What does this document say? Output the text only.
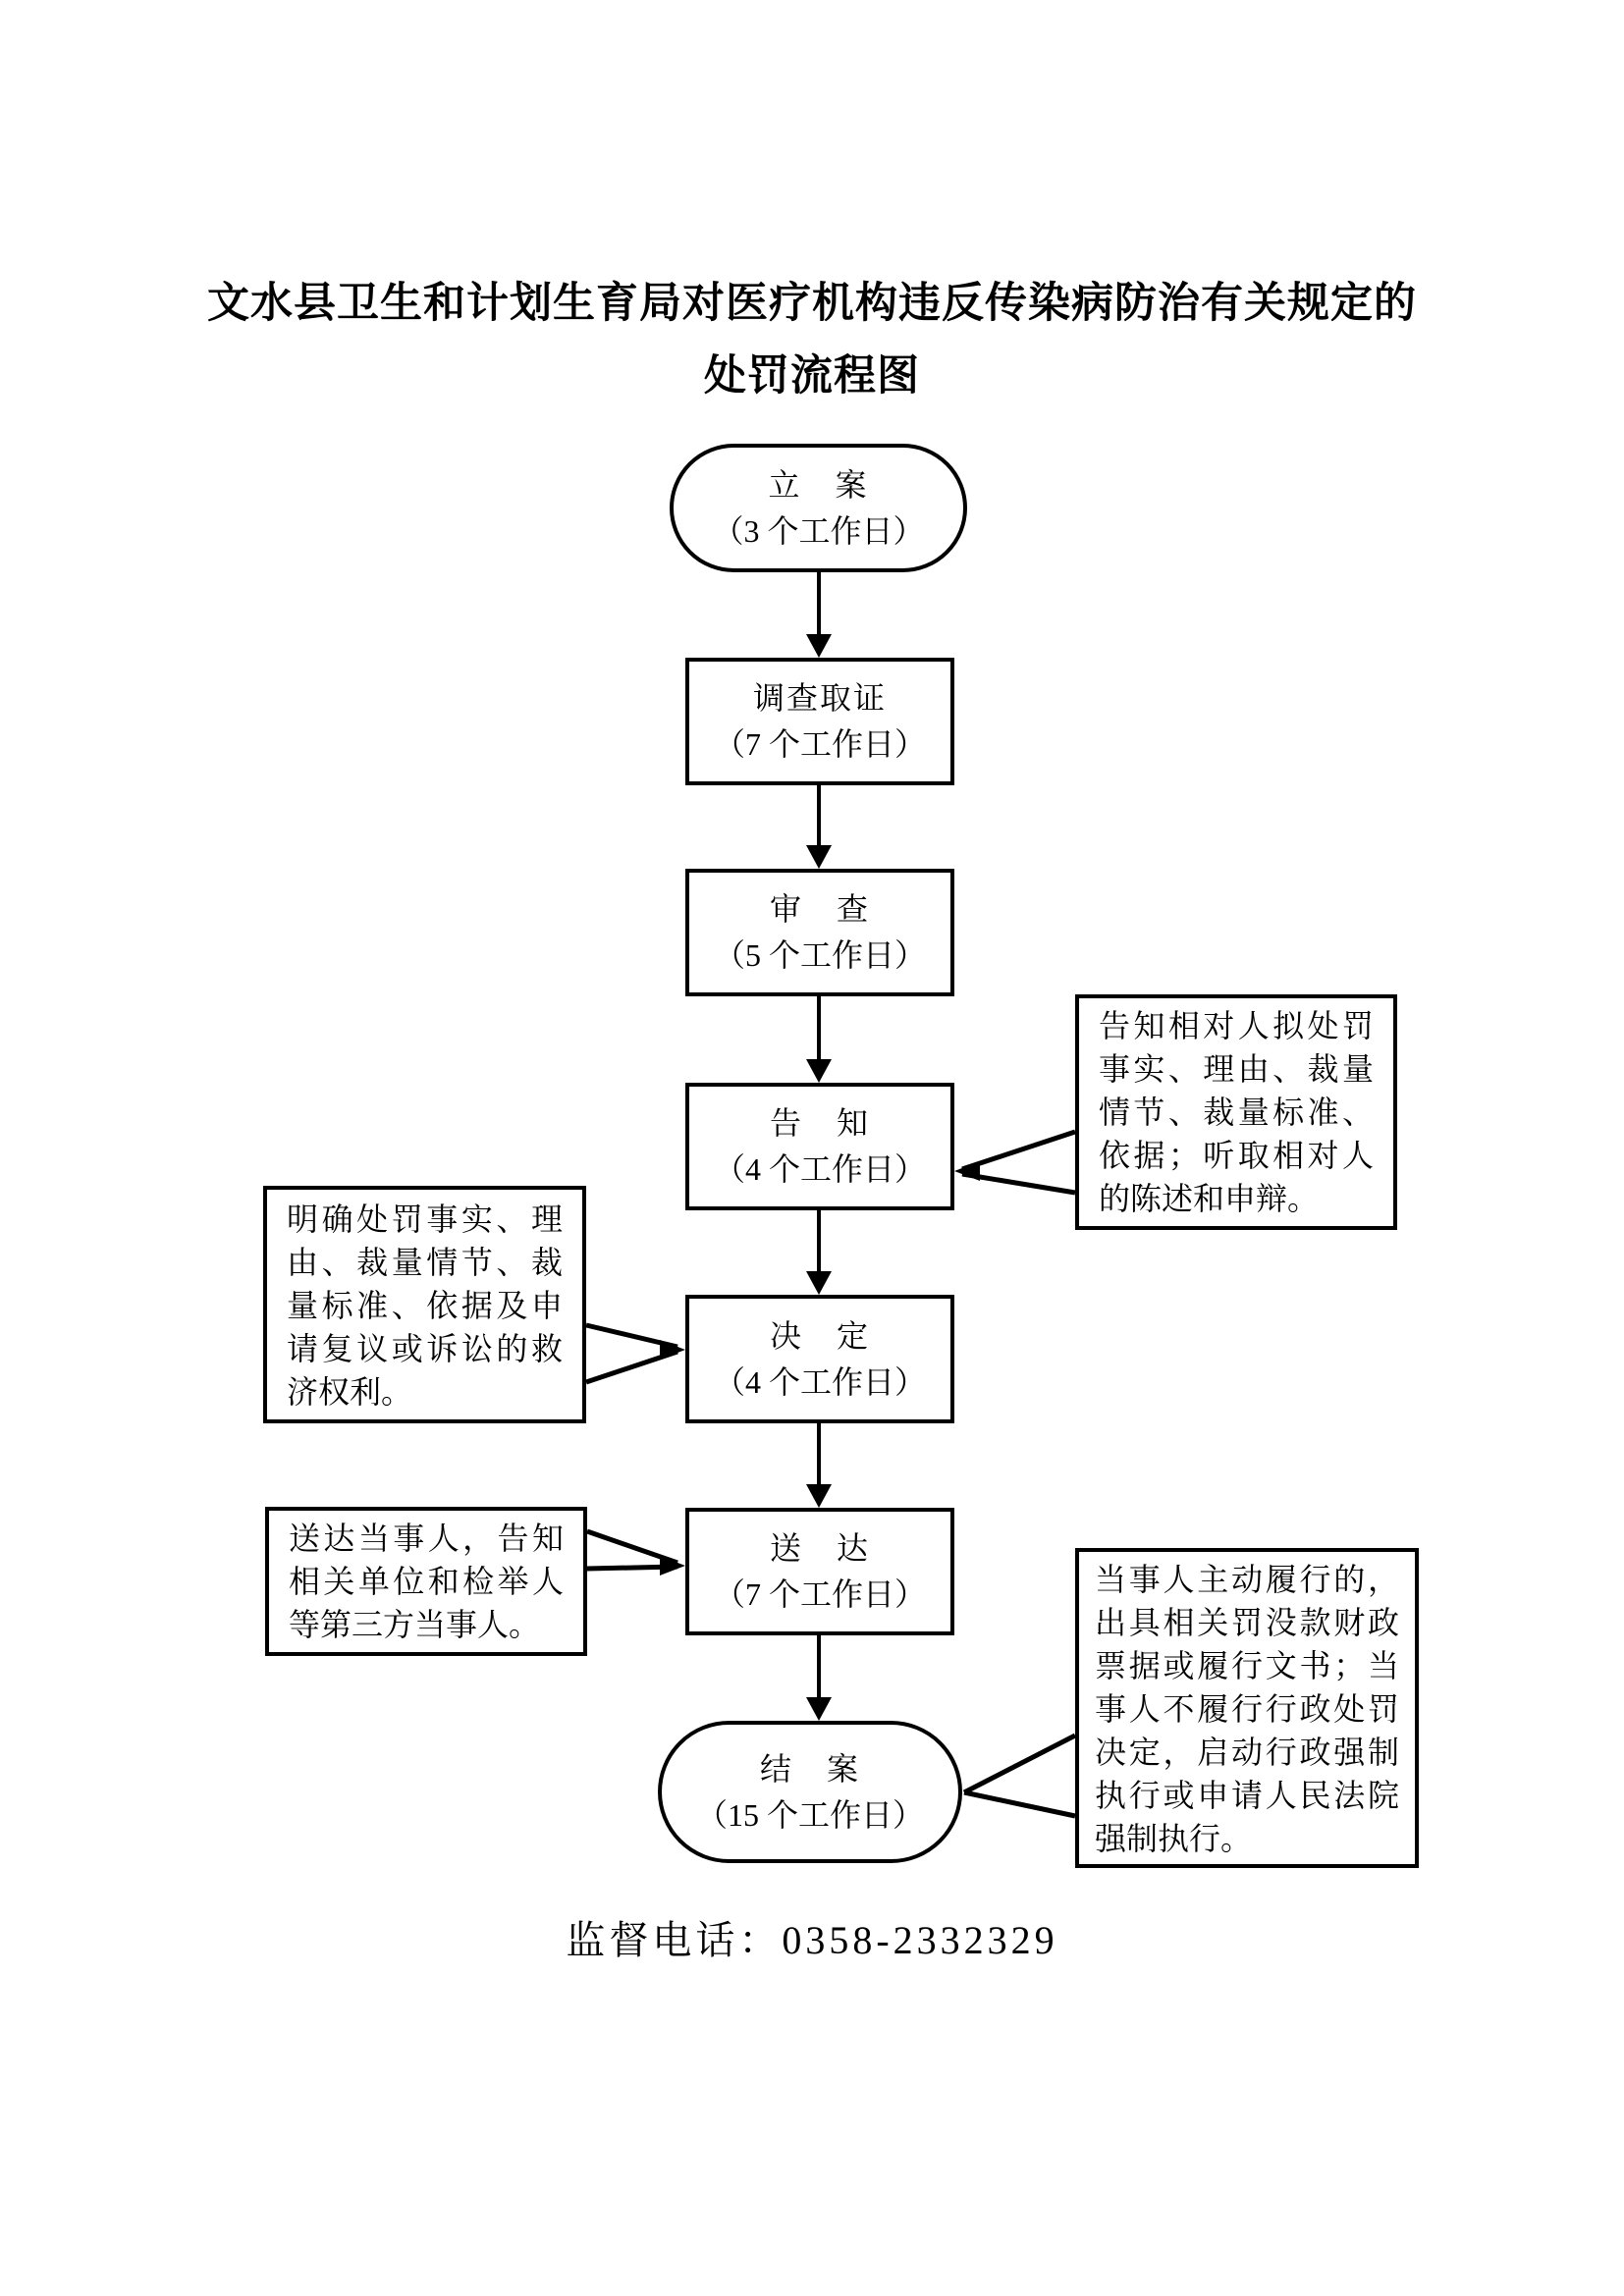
文水县卫生和计划生育局对医疗机构违反传染病防治有关规定的
处罚流程图
立　案
（3 个工作日）
调查取证
（7 个工作日）
审　查
（5 个工作日）
告　知
（4 个工作日）
决　定
（4 个工作日）
送　达
（7 个工作日）
结　案
（15 个工作日）
告知相对人拟处罚事实、理由、裁量情节、裁量标准、依据；听取相对人的陈述和申辩。
明确处罚事实、理由、裁量情节、裁量标准、依据及申请复议或诉讼的救济权利。
送达当事人，告知相关单位和检举人等第三方当事人。
当事人主动履行的，出具相关罚没款财政票据或履行文书；当事人不履行行政处罚决定，启动行政强制执行或申请人民法院强制执行。
监督电话：0358-2332329
